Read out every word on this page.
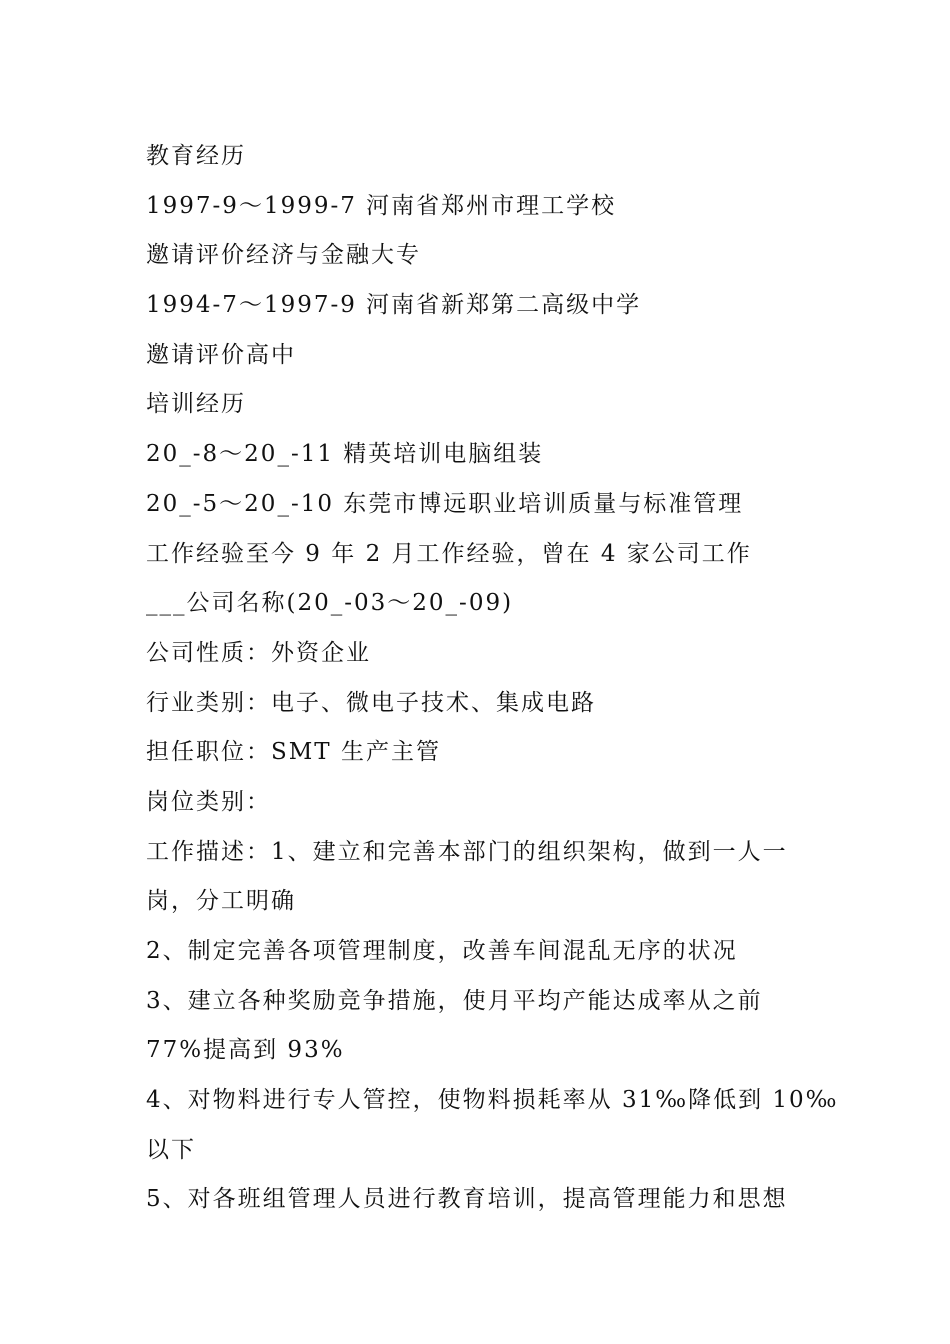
教育经历
1997-9～1999-7 河南省郑州市理工学校
邀请评价经济与金融大专
1994-7～1997-9 河南省新郑第二高级中学
邀请评价高中
培训经历
20_-8～20_-11 精英培训电脑组装
20_-5～20_-10 东莞市博远职业培训质量与标准管理
工作经验至今 9 年 2 月工作经验，曾在 4 家公司工作
___公司名称(20_-03～20_-09)
公司性质：外资企业
行业类别：电子、微电子技术、集成电路
担任职位：SMT 生产主管
岗位类别：
工作描述：1、建立和完善本部门的组织架构，做到一人一
岗，分工明确
2、制定完善各项管理制度，改善车间混乱无序的状况
3、建立各种奖励竞争措施，使月平均产能达成率从之前
77%提高到 93%
4、对物料进行专人管控，使物料损耗率从 31‰降低到 10‰
以下
5、对各班组管理人员进行教育培训，提高管理能力和思想
